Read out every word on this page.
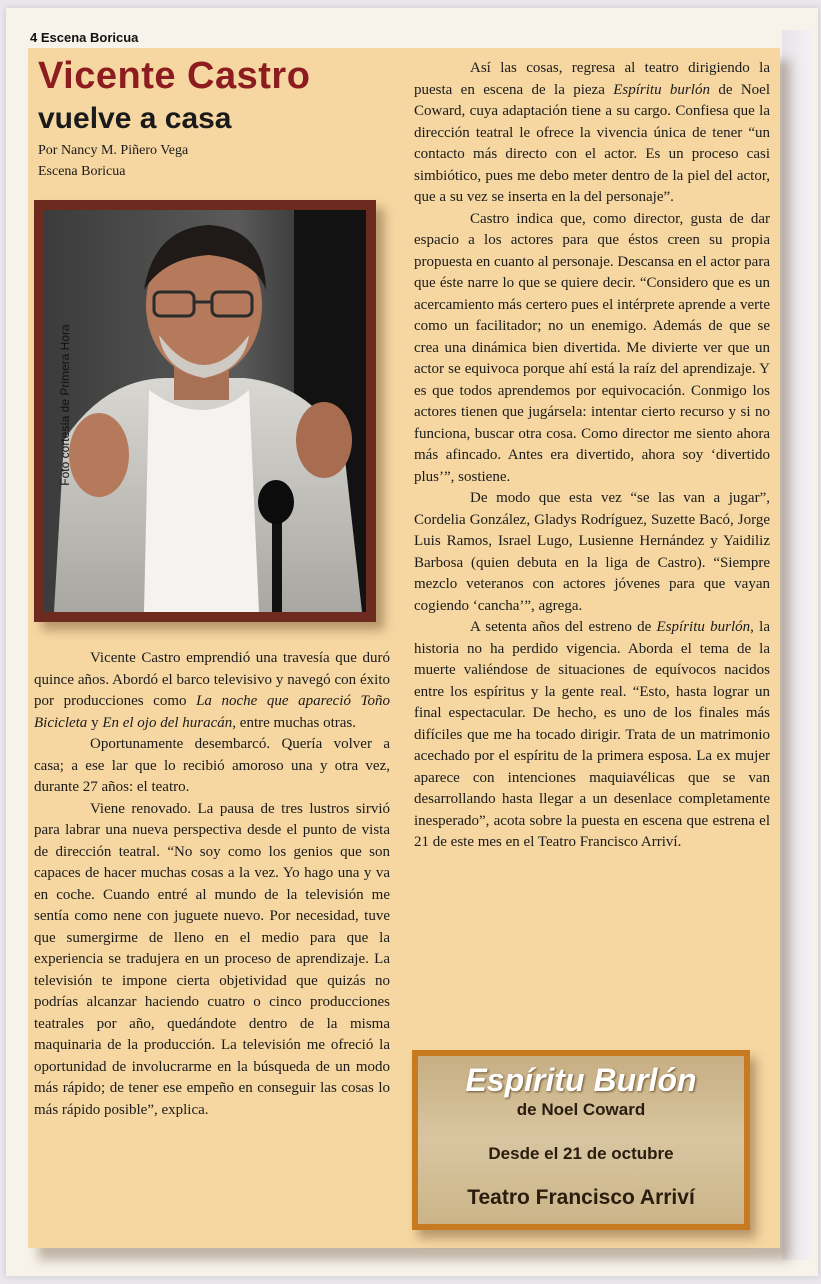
4 Escena Boricua
Vicente Castro
vuelve a casa
Por Nancy M. Piñero Vega
Escena Boricua
Foto cortesía de Primera Hora

Vicente Castro emprendió una travesía que duró quince años. Abordó el barco televisivo y navegó con éxito por producciones como La noche que apareció Toño Bicicleta y En el ojo del huracán, entre muchas otras.

Oportunamente desembarcó. Quería volver a casa; a ese lar que lo recibió amoroso una y otra vez, durante 27 años: el teatro.

Viene renovado. La pausa de tres lustros sirvió para labrar una nueva perspectiva desde el punto de vista de dirección teatral. “No soy como los genios que son capaces de hacer muchas cosas a la vez. Yo hago una y va en coche. Cuando entré al mundo de la televisión me sentía como nene con juguete nuevo. Por necesidad, tuve que sumergirme de lleno en el medio para que la experiencia se tradujera en un proceso de aprendizaje. La televisión te impone cierta objetividad que quizás no podrías alcanzar haciendo cuatro o cinco producciones teatrales por año, quedándote dentro de la misma maquinaria de la producción. La televisión me ofreció la oportunidad de involucrarme en la búsqueda de un modo más rápido; de tener ese empeño en conseguir las cosas lo más rápido posible”, explica.

Así las cosas, regresa al teatro dirigiendo la puesta en escena de la pieza Espíritu burlón de Noel Coward, cuya adaptación tiene a su cargo. Confiesa que la dirección teatral le ofrece la vivencia única de tener “un contacto más directo con el actor. Es un proceso casi simbiótico, pues me debo meter dentro de la piel del actor, que a su vez se inserta en la del personaje”.

Castro indica que, como director, gusta de dar espacio a los actores para que éstos creen su propia propuesta en cuanto al personaje. Descansa en el actor para que éste narre lo que se quiere decir. “Considero que es un acercamiento más certero pues el intérprete aprende a verte como un facilitador; no un enemigo. Además de que se crea una dinámica bien divertida. Me divierte ver que un actor se equivoca porque ahí está la raíz del aprendizaje. Y es que todos aprendemos por equivocación. Conmigo los actores tienen que jugársela: intentar cierto recurso y si no funciona, buscar otra cosa. Como director me siento ahora más afincado. Antes era divertido, ahora soy ‘divertido plus’”, sostiene.

De modo que esta vez “se las van a jugar”, Cordelia González, Gladys Rodríguez, Suzette Bacó, Jorge Luis Ramos, Israel Lugo, Lusienne Hernández y Yaidiliz Barbosa (quien debuta en la liga de Castro). “Siempre mezclo veteranos con actores jóvenes para que vayan cogiendo ‘cancha’”, agrega.

A setenta años del estreno de Espíritu burlón, la historia no ha perdido vigencia. Aborda el tema de la muerte valiéndose de situaciones de equívocos nacidos entre los espíritus y la gente real. “Esto, hasta lograr un final espectacular. De hecho, es uno de los finales más difíciles que me ha tocado dirigir. Trata de un matrimonio acechado por el espíritu de la primera esposa. La ex mujer aparece con intenciones maquiavélicas que se van desarrollando hasta llegar a un desenlace completamente inesperado”, acota sobre la puesta en escena que estrena el 21 de este mes en el Teatro Francisco Arriví.

Espíritu Burlón
de Noel Coward
Desde el 21 de octubre
Teatro Francisco Arriví
